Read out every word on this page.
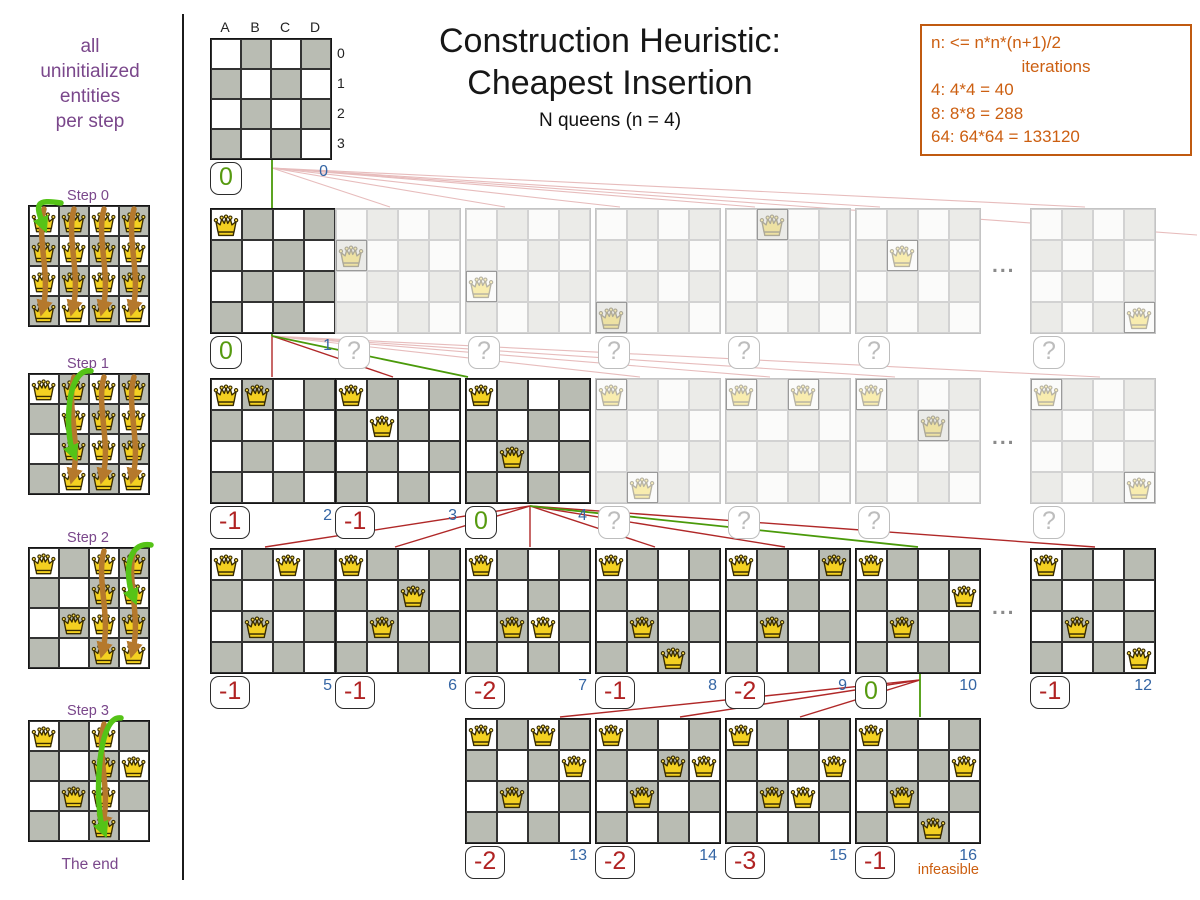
all
uninitialized
entities
per step
Construction Heuristic:
Cheapest Insertion
N queens (n = 4)
n: <= n*n*(n+1)/2
iterations
4: 4*4 = 40
8: 8*8 = 288
64: 64*64 = 133120
Step 0
Step 1
Step 2
Step 3
A	B	C	D
0
1
2
3
0	0
0	1 ?	?	?	?	?	?
-1	2 -1	3 0	4 ?	?	?	?
-1	5 -1	6 -2	7 -1	8 -2	9 0	10	-1	12
-2	13 -2	14 -3	15 -1	16
infeasible
...
...
...
The end
